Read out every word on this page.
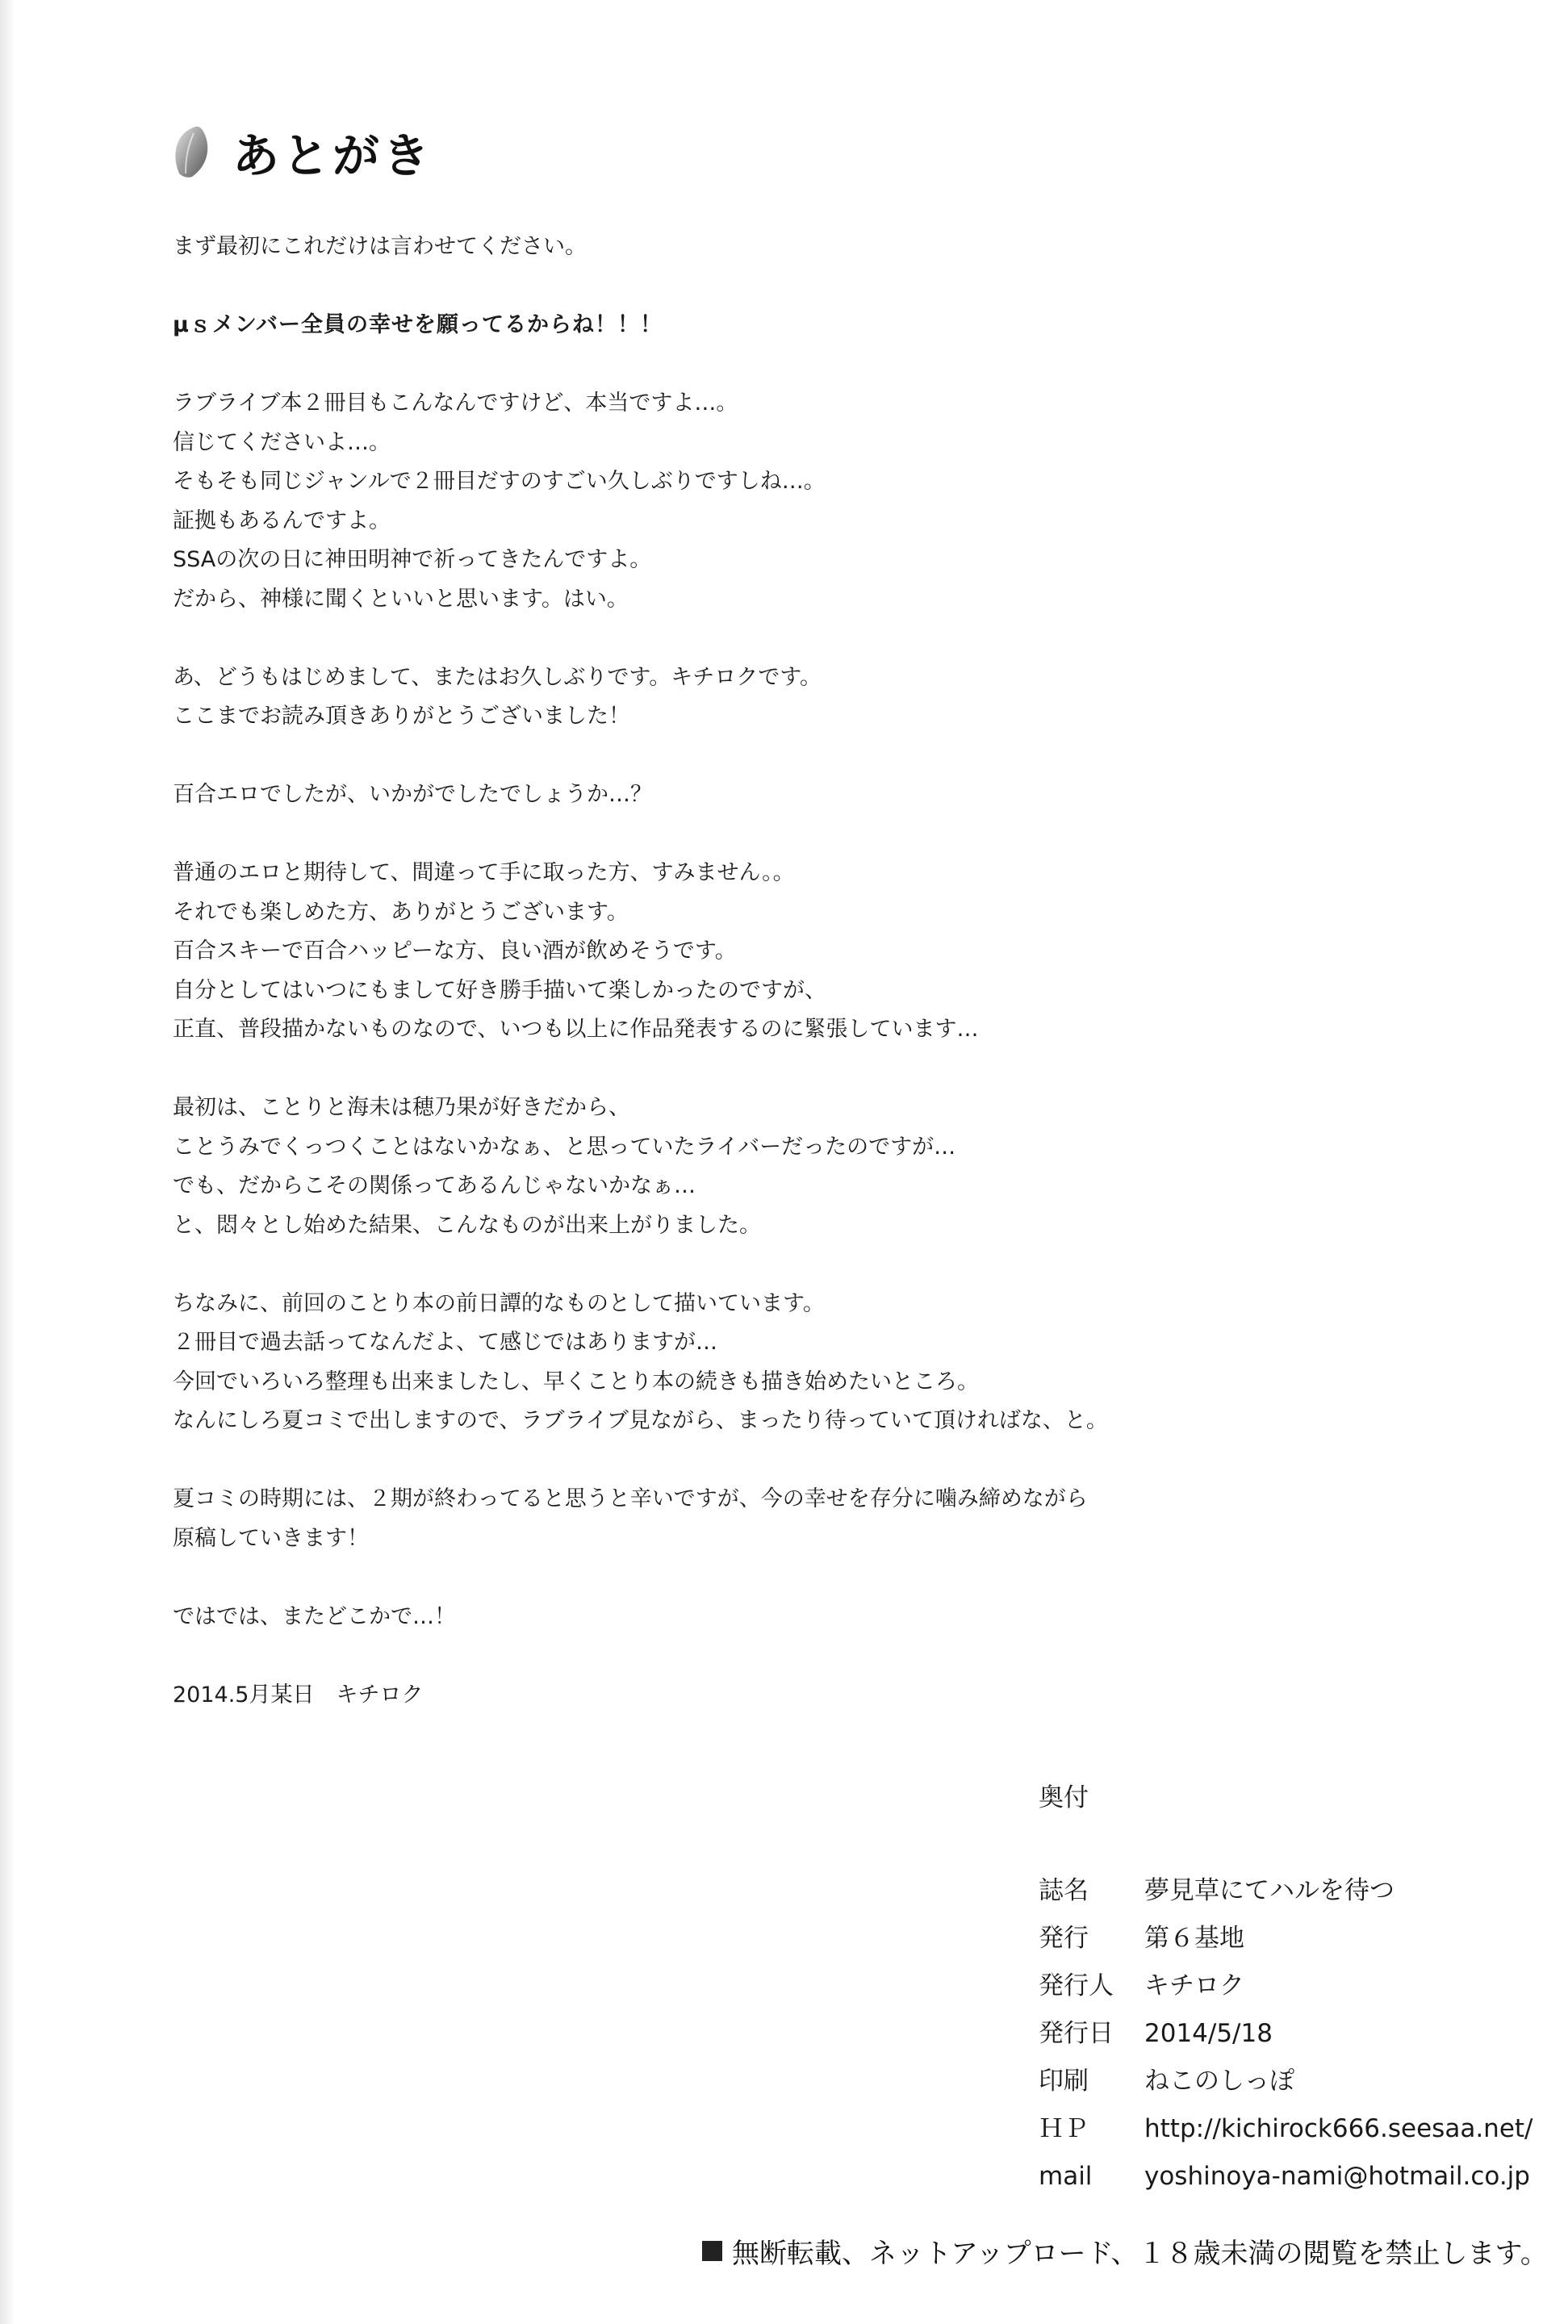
あとがき
まず最初にこれだけは言わせてください。
μｓメンバー全員の幸せを願ってるからね！！！
ラブライブ本２冊目もこんなんですけど、本当ですよ…。
信じてくださいよ…。
そもそも同じジャンルで２冊目だすのすごい久しぶりですしね…。
証拠もあるんですよ。
SSAの次の日に神田明神で祈ってきたんですよ。
だから、神様に聞くといいと思います。はい。
あ、どうもはじめまして、またはお久しぶりです。キチロクです。
ここまでお読み頂きありがとうございました！
百合エロでしたが、いかがでしたでしょうか…？
普通のエロと期待して、間違って手に取った方、すみません。。
それでも楽しめた方、ありがとうございます。
百合スキーで百合ハッピーな方、良い酒が飲めそうです。
自分としてはいつにもまして好き勝手描いて楽しかったのですが、
正直、普段描かないものなので、いつも以上に作品発表するのに緊張しています…
最初は、ことりと海未は穂乃果が好きだから、
ことうみでくっつくことはないかなぁ、と思っていたライバーだったのですが…
でも、だからこその関係ってあるんじゃないかなぁ…
と、悶々とし始めた結果、こんなものが出来上がりました。
ちなみに、前回のことり本の前日譚的なものとして描いています。
２冊目で過去話ってなんだよ、て感じではありますが…
今回でいろいろ整理も出来ましたし、早くことり本の続きも描き始めたいところ。
なんにしろ夏コミで出しますので、ラブライブ見ながら、まったり待っていて頂ければな、と。
夏コミの時期には、２期が終わってると思うと辛いですが、今の幸せを存分に噛み締めながら
原稿していきます！
ではでは、またどこかで…！
2014.5月某日　キチロク
奥付
誌名	夢見草にてハルを待つ
発行	第６基地
発行人	キチロク
発行日	2014/5/18
印刷	ねこのしっぽ
ＨＰ	http://kichirock666.seesaa.net/
mail	yoshinoya-nami@hotmail.co.jp
無断転載、ネットアップロード、１８歳未満の閲覧を禁止します。
